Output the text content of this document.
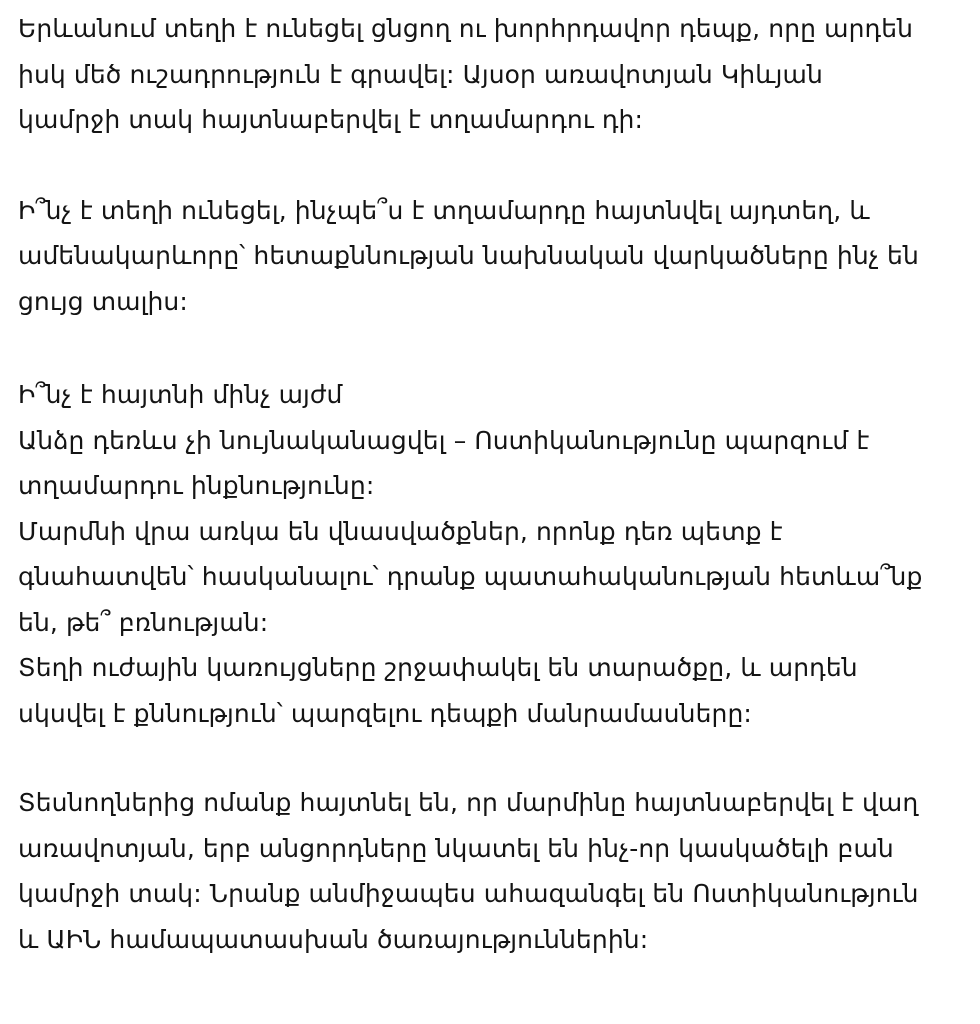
Երևանում տեղի է ունեցել ցնցող ու խորհրդավոր դեպք, որը արդեն
իսկ մեծ ուշադրություն է գրավել: Այսօր առավոտյան Կիևյան
կամրջի տակ հայտնաբերվել է տղամարդու դի:

Ի՞նչ է տեղի ունեցել, ինչպե՞ս է տղամարդը հայտնվել այդտեղ, և
ամենակարևորը՝ հետաքննության նախնական վարկածները ինչ են
ցույց տալիս:

Ի՞նչ է հայտնի մինչ այժմ
Անձը դեռևս չի նույնականացվել – Ոստիկանությունը պարզում է
տղամարդու ինքնությունը:
Մարմնի վրա առկա են վնասվածքներ, որոնք դեռ պետք է
գնահատվեն՝ հասկանալու՝ դրանք պատահականության հետևա՞նք
են, թե՞ բռնության:
Տեղի ուժային կառույցները շրջափակել են տարածքը, և արդեն
սկսվել է քննություն՝ պարզելու դեպքի մանրամասները:

Տեսնողներից ոմանք հայտնել են, որ մարմինը հայտնաբերվել է վաղ
առավոտյան, երբ անցորդները նկատել են ինչ-որ կասկածելի բան
կամրջի տակ: Նրանք անմիջապես ահազանգել են Ոստիկանություն
և ԱԻՆ համապատասխան ծառայություններին:
